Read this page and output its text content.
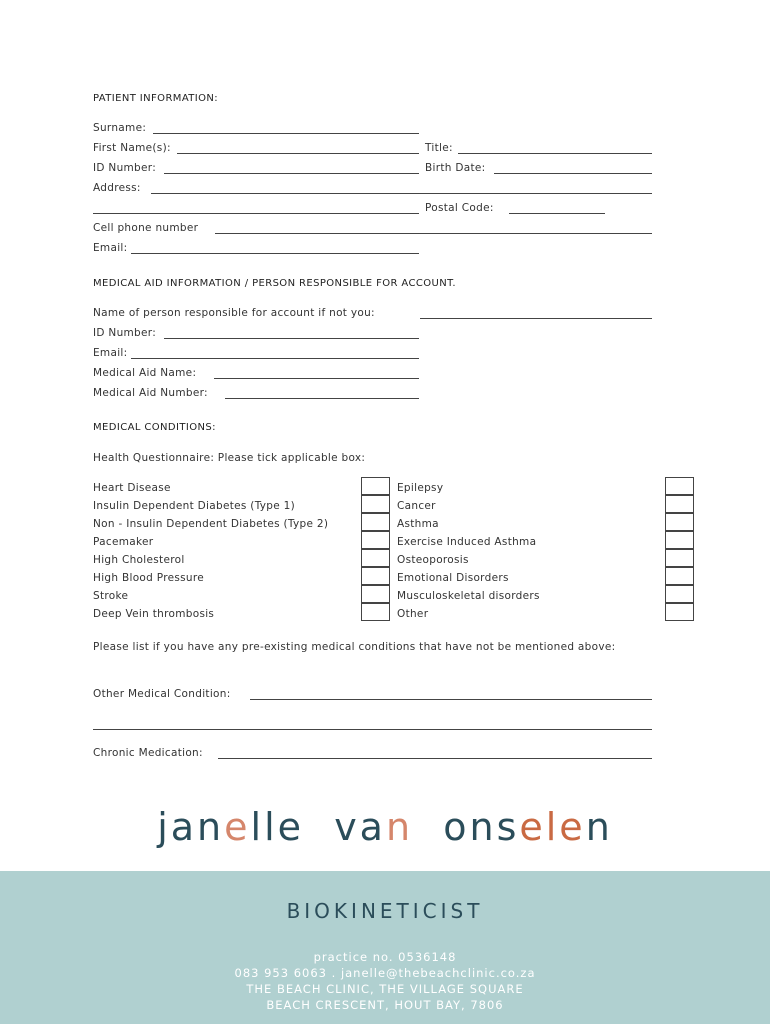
PATIENT INFORMATION:
Surname:
First Name(s):	Title:
ID Number:	Birth Date:
Address:
Postal Code:
Cell phone number
Email:
MEDICAL AID INFORMATION / PERSON RESPONSIBLE FOR ACCOUNT.
Name of person responsible for account if not you:
ID Number:
Email:
Medical Aid Name:
Medical Aid Number:
MEDICAL CONDITIONS:
Health Questionnaire: Please tick applicable box:
Heart Disease
Insulin Dependent Diabetes (Type 1)
Non - Insulin Dependent Diabetes (Type 2)
Pacemaker
High Cholesterol
High Blood Pressure
Stroke
Deep Vein thrombosis
Epilepsy
Cancer
Asthma
Exercise Induced Asthma
Osteoporosis
Emotional Disorders
Musculoskeletal disorders
Other
Please list if you have any pre-existing medical conditions that have not be mentioned above:
Other Medical Condition:
Chronic Medication:
janelle van onselen
BIOKINETICIST
practice no. 0536148
083 953 6063 . janelle@thebeachclinic.co.za
THE BEACH CLINIC, THE VILLAGE SQUARE
BEACH CRESCENT, HOUT BAY, 7806
